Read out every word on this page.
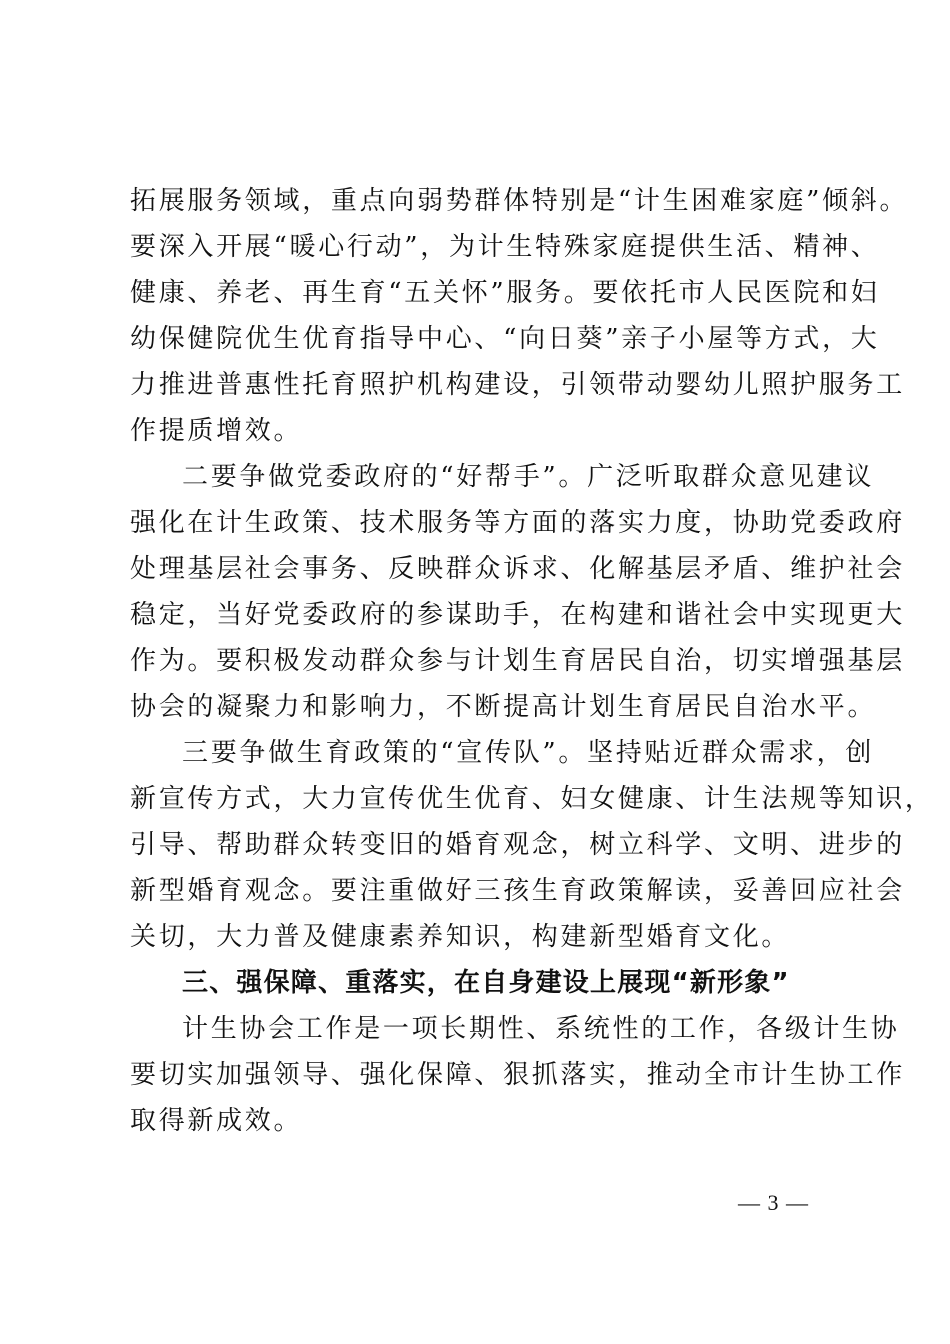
拓展服务领域，重点向弱势群体特别是“计生困难家庭”倾斜。
要深入开展“暖心行动”，为计生特殊家庭提供生活、精神、
健康、养老、再生育“五关怀”服务。要依托市人民医院和妇
幼保健院优生优育指导中心、“向日葵”亲子小屋等方式，大
力推进普惠性托育照护机构建设，引领带动婴幼儿照护服务工
作提质增效。
二要争做党委政府的“好帮手”。广泛听取群众意见建议
强化在计生政策、技术服务等方面的落实力度，协助党委政府
处理基层社会事务、反映群众诉求、化解基层矛盾、维护社会
稳定，当好党委政府的参谋助手，在构建和谐社会中实现更大
作为。要积极发动群众参与计划生育居民自治，切实增强基层
协会的凝聚力和影响力，不断提高计划生育居民自治水平。
三要争做生育政策的“宣传队”。坚持贴近群众需求，创
新宣传方式，大力宣传优生优育、妇女健康、计生法规等知识，
引导、帮助群众转变旧的婚育观念，树立科学、文明、进步的
新型婚育观念。要注重做好三孩生育政策解读，妥善回应社会
关切，大力普及健康素养知识，构建新型婚育文化。
三、强保障、重落实，在自身建设上展现“新形象”
计生协会工作是一项长期性、系统性的工作，各级计生协
要切实加强领导、强化保障、狠抓落实，推动全市计生协工作
取得新成效。
— 3 —
